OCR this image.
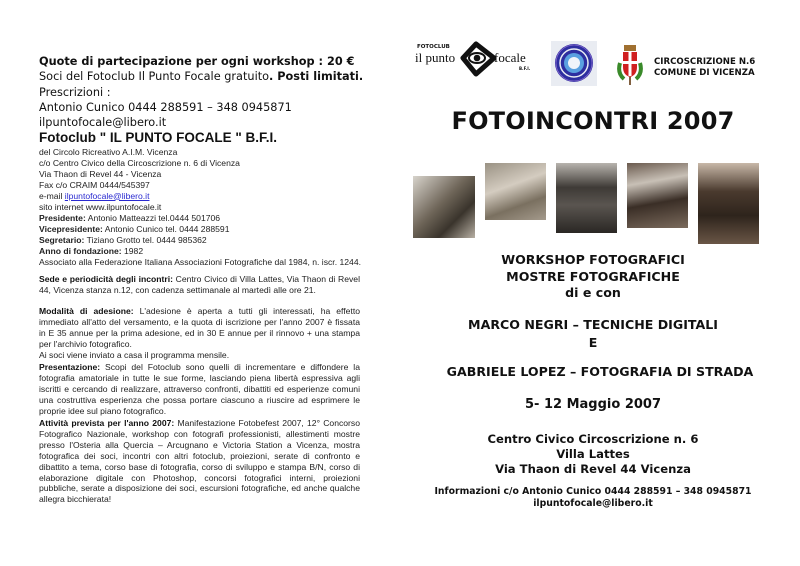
Quote di partecipazione per ogni workshop : 20 €
Soci del Fotoclub Il Punto Focale gratuito. Posti limitati.
Prescrizioni :
Antonio Cunico 0444 288591 – 348 0945871
ilpuntofocale@libero.it
Fotoclub " IL PUNTO FOCALE " B.F.I.
del Circolo Ricreativo A.I.M. Vicenza
c/o Centro Civico della Circoscrizione n. 6 di Vicenza
Via Thaon di Revel 44 - Vicenza
Fax c/o CRAIM 0444/545397
e-mail ilpuntofocale@libero.it
sito internet www.ilpuntofocale.it
Presidente: Antonio Matteazzi tel.0444 501706
Vicepresidente: Antonio Cunico tel. 0444 288591
Segretario: Tiziano Grotto tel. 0444 985362
Anno di fondazione: 1982
Associato alla Federazione Italiana Associazioni Fotografiche dal 1984, n. iscr. 1244.
Sede e periodicità degli incontri: Centro Civico di Villa Lattes, Via Thaon di Revel 44, Vicenza stanza n.12, con cadenza settimanale al martedì alle ore 21.
Modalità di adesione: L'adesione è aperta a tutti gli interessati, ha effetto immediato all'atto del versamento, e la quota di iscrizione per l'anno 2007 è fissata in E 35 annue per la prima adesione, ed in 30 E annue per il rinnovo + una stampa per l'archivio fotografico.
Ai soci viene inviato a casa il programma mensile.
Presentazione: Scopi del Fotoclub sono quelli di incrementare e diffondere la fotografia amatoriale in tutte le sue forme, lasciando piena libertà espressiva agli iscritti e cercando di realizzare, attraverso confronti, dibattiti ed esperienze comuni una costruttiva esperienza che possa portare ciascuno a riuscire ad esprimere le proprie idee sul piano fotografico.
Attività prevista per l'anno 2007: Manifestazione Fotobefest 2007, 12° Concorso Fotografico Nazionale, workshop con fotografi professionisti, allestimenti mostre presso l'Osteria alla Quercia – Arcugnano e Victoria Station a Vicenza, mostra fotografica dei soci, incontri con altri fotoclub, proiezioni, serate di confronto e dibattito a tema, corso base di fotografia, corso di sviluppo e stampa B/N, corso di elaborazione digitale con Photoshop, concorsi fotografici interni, proiezioni pubbliche, serate a disposizione dei soci, escursioni fotografiche, ed anche qualche allegra bicchierata!
FOTOCLUB
il punto	focale
B.F.I.
CIRCOSCRIZIONE N.6
COMUNE DI VICENZA
FOTOINCONTRI 2007
WORKSHOP FOTOGRAFICI
MOSTRE FOTOGRAFICHE
di e con
MARCO NEGRI – TECNICHE DIGITALI
E
GABRIELE LOPEZ – FOTOGRAFIA DI STRADA
5- 12 Maggio 2007
Centro Civico Circoscrizione n. 6
Villa Lattes
Via Thaon di Revel 44 Vicenza
Informazioni c/o Antonio Cunico 0444 288591 – 348 0945871
ilpuntofocale@libero.it
